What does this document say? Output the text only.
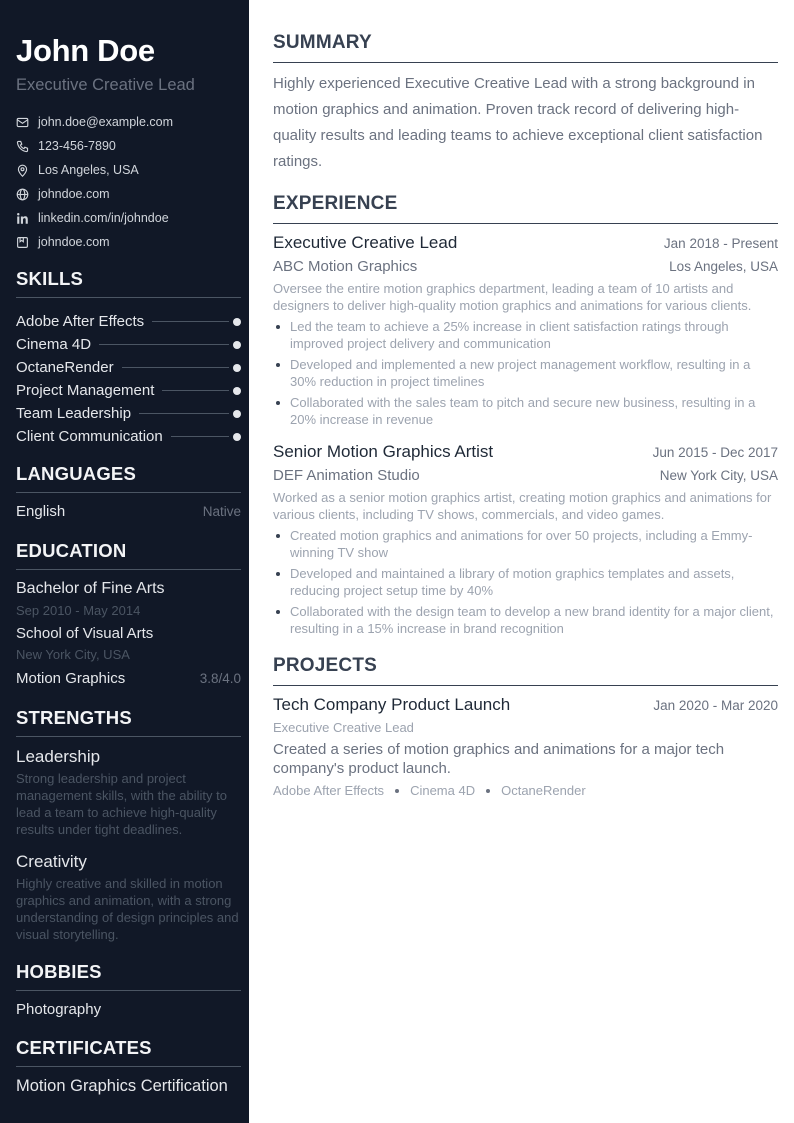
John Doe
Executive Creative Lead
john.doe@example.com
123-456-7890
Los Angeles, USA
johndoe.com
linkedin.com/in/johndoe
johndoe.com
SKILLS
Adobe After Effects
Cinema 4D
OctaneRender
Project Management
Team Leadership
Client Communication
LANGUAGES
English	Native
EDUCATION
Bachelor of Fine Arts
Sep 2010 - May 2014
School of Visual Arts
New York City, USA
Motion Graphics	3.8/4.0
STRENGTHS
Leadership
Strong leadership and project management skills, with the ability to lead a team to achieve high-quality results under tight deadlines.
Creativity
Highly creative and skilled in motion graphics and animation, with a strong understanding of design principles and visual storytelling.
HOBBIES
Photography
CERTIFICATES
Motion Graphics Certification
SUMMARY

Highly experienced Executive Creative Lead with a strong background in motion graphics and animation. Proven track record of delivering high-quality results and leading teams to achieve exceptional client satisfaction ratings.

EXPERIENCE
Executive Creative Lead	Jan 2018 - Present
ABC Motion Graphics	Los Angeles, USA

Oversee the entire motion graphics department, leading a team of 10 artists and designers to deliver high-quality motion graphics and animations for various clients.

Led the team to achieve a 25% increase in client satisfaction ratings through improved project delivery and communication
Developed and implemented a new project management workflow, resulting in a 30% reduction in project timelines
Collaborated with the sales team to pitch and secure new business, resulting in a 20% increase in revenue
Senior Motion Graphics Artist	Jun 2015 - Dec 2017
DEF Animation Studio	New York City, USA

Worked as a senior motion graphics artist, creating motion graphics and animations for various clients, including TV shows, commercials, and video games.

Created motion graphics and animations for over 50 projects, including a Emmy-winning TV show
Developed and maintained a library of motion graphics templates and assets, reducing project setup time by 40%
Collaborated with the design team to develop a new brand identity for a major client, resulting in a 15% increase in brand recognition
PROJECTS
Tech Company Product Launch	Jan 2020 - Mar 2020
Executive Creative Lead

Created a series of motion graphics and animations for a major tech company's product launch.

Adobe After Effects Cinema 4D OctaneRender
